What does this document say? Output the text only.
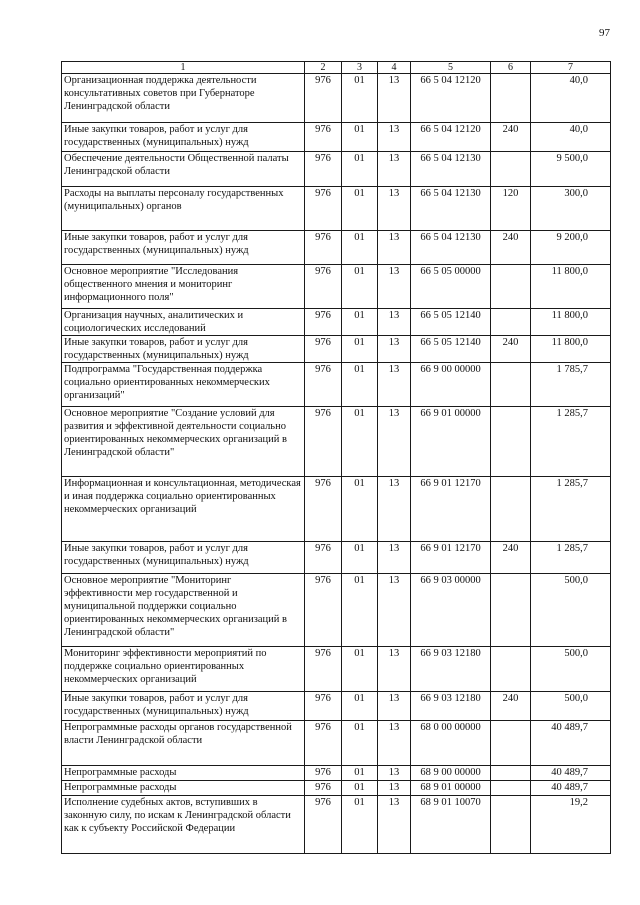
97
1	2	3	4	5	6	7
Организационная поддержка деятельности консультативных советов при Губернаторе Ленинградской области	976	01	13	66 5 04 12120		40,0
Иные закупки товаров, работ и услуг для государственных (муниципальных) нужд	976	01	13	66 5 04 12120	240	40,0
Обеспечение деятельности Общественной палаты Ленинградской области	976	01	13	66 5 04 12130		9 500,0
Расходы на выплаты персоналу государственных (муниципальных) органов	976	01	13	66 5 04 12130	120	300,0
Иные закупки товаров, работ и услуг для государственных (муниципальных) нужд	976	01	13	66 5 04 12130	240	9 200,0
Основное мероприятие "Исследования общественного мнения и мониторинг информационного поля"	976	01	13	66 5 05 00000		11 800,0
Организация научных, аналитических и социологических исследований	976	01	13	66 5 05 12140		11 800,0
Иные закупки товаров, работ и услуг для государственных (муниципальных) нужд	976	01	13	66 5 05 12140	240	11 800,0
Подпрограмма "Государственная поддержка социально ориентированных некоммерческих организаций"	976	01	13	66 9 00 00000		1 785,7
Основное мероприятие "Создание условий для развития и эффективной деятельности социально ориентированных некоммерческих организаций в Ленинградской области"	976	01	13	66 9 01 00000		1 285,7
Информационная и консультационная, методическая и иная поддержка социально ориентированных некоммерческих организаций	976	01	13	66 9 01 12170		1 285,7
Иные закупки товаров, работ и услуг для государственных (муниципальных) нужд	976	01	13	66 9 01 12170	240	1 285,7
Основное мероприятие "Мониторинг эффективности мер государственной и муниципальной поддержки социально ориентированных некоммерческих организаций в Ленинградской области"	976	01	13	66 9 03 00000		500,0
Мониторинг эффективности мероприятий по поддержке социально ориентированных некоммерческих организаций	976	01	13	66 9 03 12180		500,0
Иные закупки товаров, работ и услуг для государственных (муниципальных) нужд	976	01	13	66 9 03 12180	240	500,0
Непрограммные расходы органов государственной власти Ленинградской области	976	01	13	68 0 00 00000		40 489,7
Непрограммные расходы	976	01	13	68 9 00 00000		40 489,7
Непрограммные расходы	976	01	13	68 9 01 00000		40 489,7
Исполнение судебных актов, вступивших в законную силу, по искам к Ленинградской области как к субъекту Российской Федерации	976	01	13	68 9 01 10070		19,2
